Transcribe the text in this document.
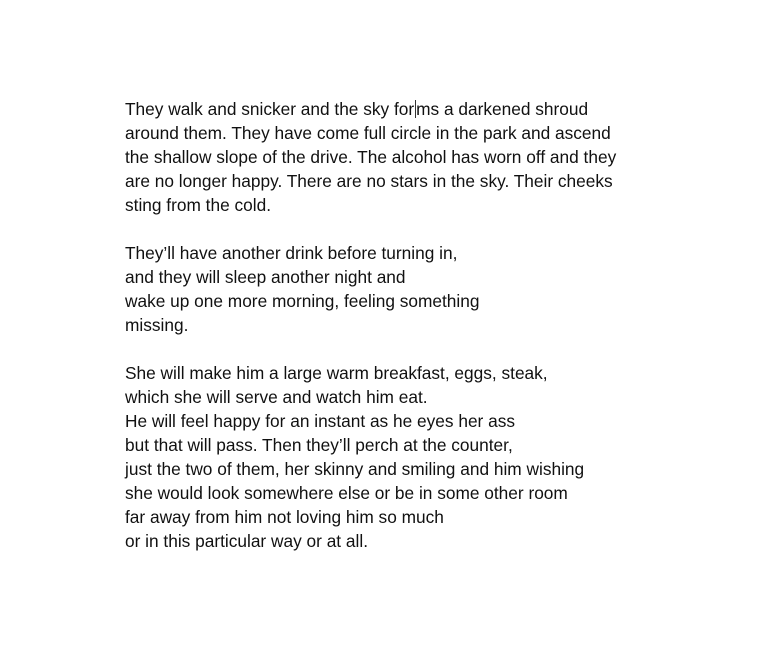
They walk and snicker and the sky for ms a darkened shroud
around them. They have come full circle in the park and ascend
the shallow slope of the drive. The alcohol has worn off and they
are no longer happy. There are no stars in the sky. Their cheeks
sting from the cold.
They’ll have another drink before turning in,
and they will sleep another night and
wake up one more morning, feeling something
missing.
She will make him a large warm breakfast, eggs, steak,
which she will serve and watch him eat.
He will feel happy for an instant as he eyes her ass
but that will pass. Then they’ll perch at the counter,
just the two of them, her skinny and smiling and him wishing
she would look somewhere else or be in some other room
far away from him not loving him so much
or in this particular way or at all.
